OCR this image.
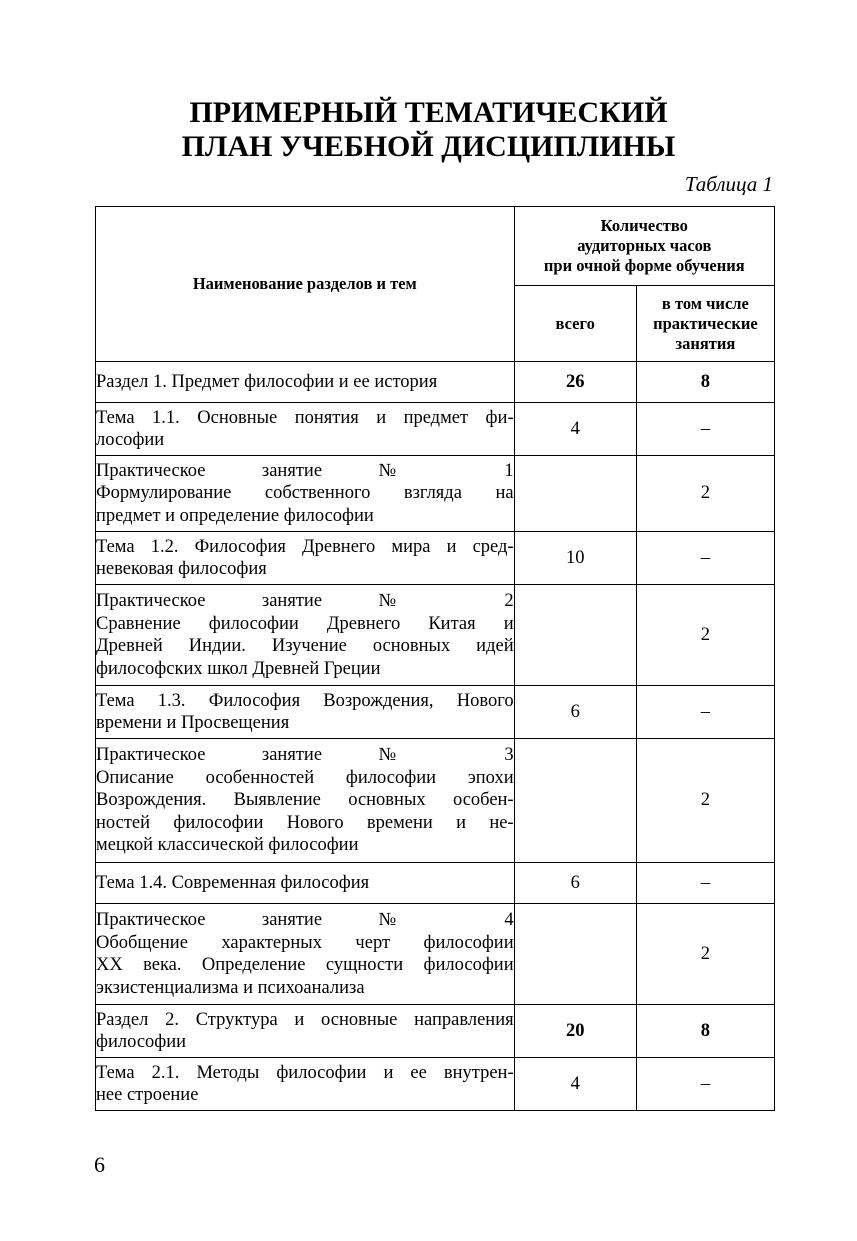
ПРИМЕРНЫЙ ТЕМАТИЧЕСКИЙ
ПЛАН УЧЕБНОЙ ДИСЦИПЛИНЫ
Таблица 1
Наименование разделов и тем	Количество
аудиторных часов
при очной форме обучения	
	всего	в том числе
практические
занятия

Раздел 1. Предмет философии и ее история	26	8

Тема 1.1. Основные понятия и предмет фи-
лософии	4	–

Практическое занятие № 1
Формулирование собственного взгляда на
предмет и определение философии		2

Тема 1.2. Философия Древнего мира и сред-
невековая философия	10	–

Практическое занятие № 2
Сравнение философии Древнего Китая и
Древней Индии. Изучение основных идей
философских школ Древней Греции		2

Тема 1.3. Философия Возрождения, Нового
времени и Просвещения	6	–

Практическое занятие № 3
Описание особенностей философии эпохи
Возрождения. Выявление основных особен-
ностей философии Нового времени и не-
мецкой классической философии		2

Тема 1.4. Современная философия	6	–

Практическое занятие № 4
Обобщение характерных черт философии
XX века. Определение сущности философии
экзистенциализма и психоанализа		2

Раздел 2. Структура и основные направления
философии	20	8

Тема 2.1. Методы философии и ее внутрен-
нее строение	4	–
6
